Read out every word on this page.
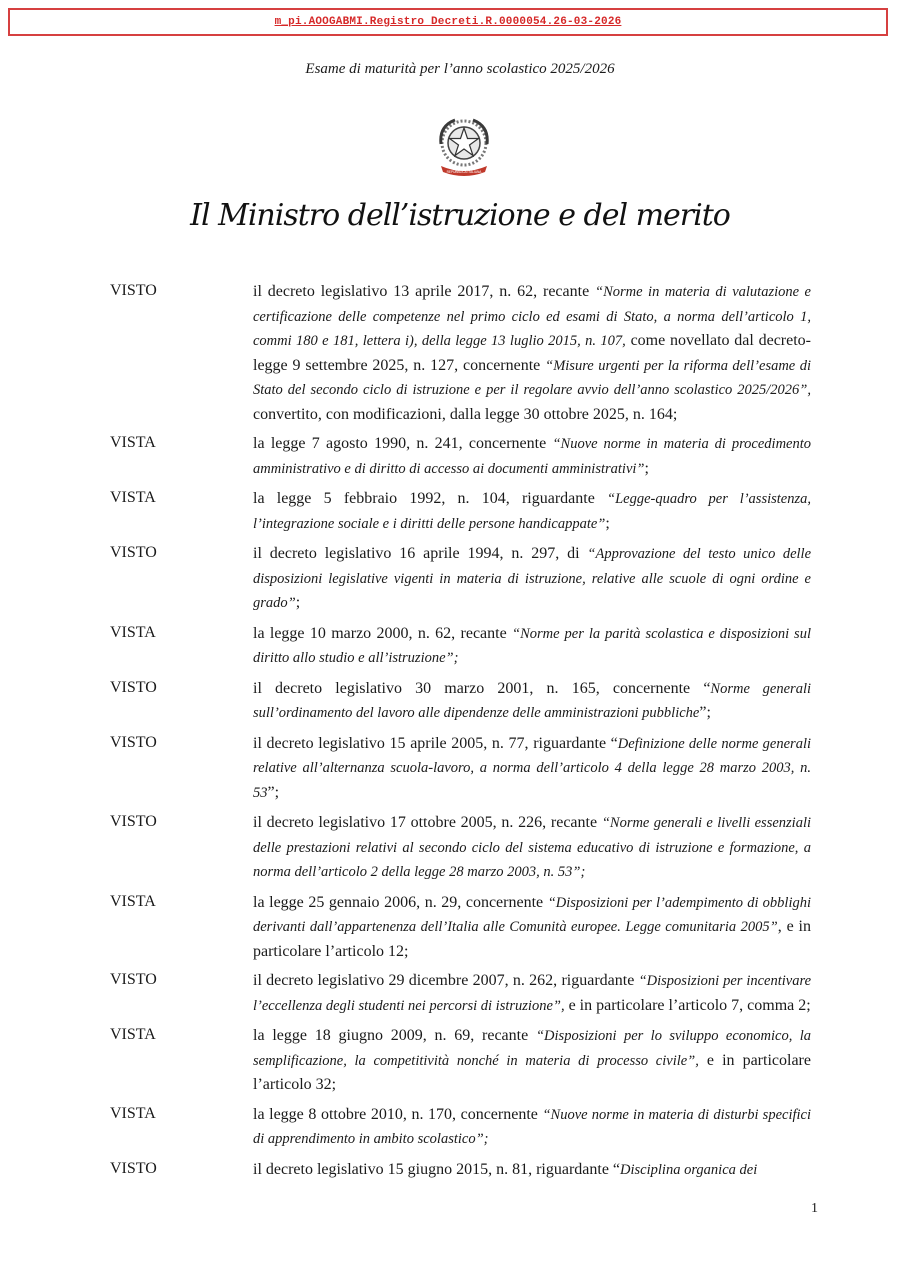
m_pi.AOOGABMI.Registro Decreti.R.0000054.26-03-2026
Esame di maturità per l’anno scolastico 2025/2026
REPUBBLICA ITALIANA
Il Ministro dell’istruzione e del merito
VISTO	il decreto legislativo 13 aprile 2017, n. 62, recante “Norme in materia di valutazione e certificazione delle competenze nel primo ciclo ed esami di Stato, a norma dell’articolo 1, commi 180 e 181, lettera i), della legge 13 luglio 2015, n. 107, come novellato dal decreto-legge 9 settembre 2025, n. 127, concernente “Misure urgenti per la riforma dell’esame di Stato del secondo ciclo di istruzione e per il regolare avvio dell’anno scolastico 2025/2026”, convertito, con modificazioni, dalla legge 30 ottobre 2025, n. 164;
VISTA	la legge 7 agosto 1990, n. 241, concernente “Nuove norme in materia di procedimento amministrativo e di diritto di accesso ai documenti amministrativi”;
VISTA	la legge 5 febbraio 1992, n. 104, riguardante “Legge-quadro per l’assistenza, l’integrazione sociale e i diritti delle persone handicappate”;
VISTO	il decreto legislativo 16 aprile 1994, n. 297, di “Approvazione del testo unico delle disposizioni legislative vigenti in materia di istruzione, relative alle scuole di ogni ordine e grado”;
VISTA	la legge 10 marzo 2000, n. 62, recante “Norme per la parità scolastica e disposizioni sul diritto allo studio e all’istruzione”;
VISTO	il decreto legislativo 30 marzo 2001, n. 165, concernente “Norme generali sull’ordinamento del lavoro alle dipendenze delle amministrazioni pubbliche”;
VISTO	il decreto legislativo 15 aprile 2005, n. 77, riguardante “Definizione delle norme generali relative all’alternanza scuola-lavoro, a norma dell’articolo 4 della legge 28 marzo 2003, n. 53”;
VISTO	il decreto legislativo 17 ottobre 2005, n. 226, recante “Norme generali e livelli essenziali delle prestazioni relativi al secondo ciclo del sistema educativo di istruzione e formazione, a norma dell’articolo 2 della legge 28 marzo 2003, n. 53”;
VISTA	la legge 25 gennaio 2006, n. 29, concernente “Disposizioni per l’adempimento di obblighi derivanti dall’appartenenza dell’Italia alle Comunità europee. Legge comunitaria 2005”, e in particolare l’articolo 12;
VISTO	il decreto legislativo 29 dicembre 2007, n. 262, riguardante “Disposizioni per incentivare l’eccellenza degli studenti nei percorsi di istruzione”, e in particolare l’articolo 7, comma 2;
VISTA	la legge 18 giugno 2009, n. 69, recante “Disposizioni per lo sviluppo economico, la semplificazione, la competitività nonché in materia di processo civile”, e in particolare l’articolo 32;
VISTA	la legge 8 ottobre 2010, n. 170, concernente “Nuove norme in materia di disturbi specifici di apprendimento in ambito scolastico”;
VISTO	il decreto legislativo 15 giugno 2015, n. 81, riguardante “Disciplina organica dei
1
